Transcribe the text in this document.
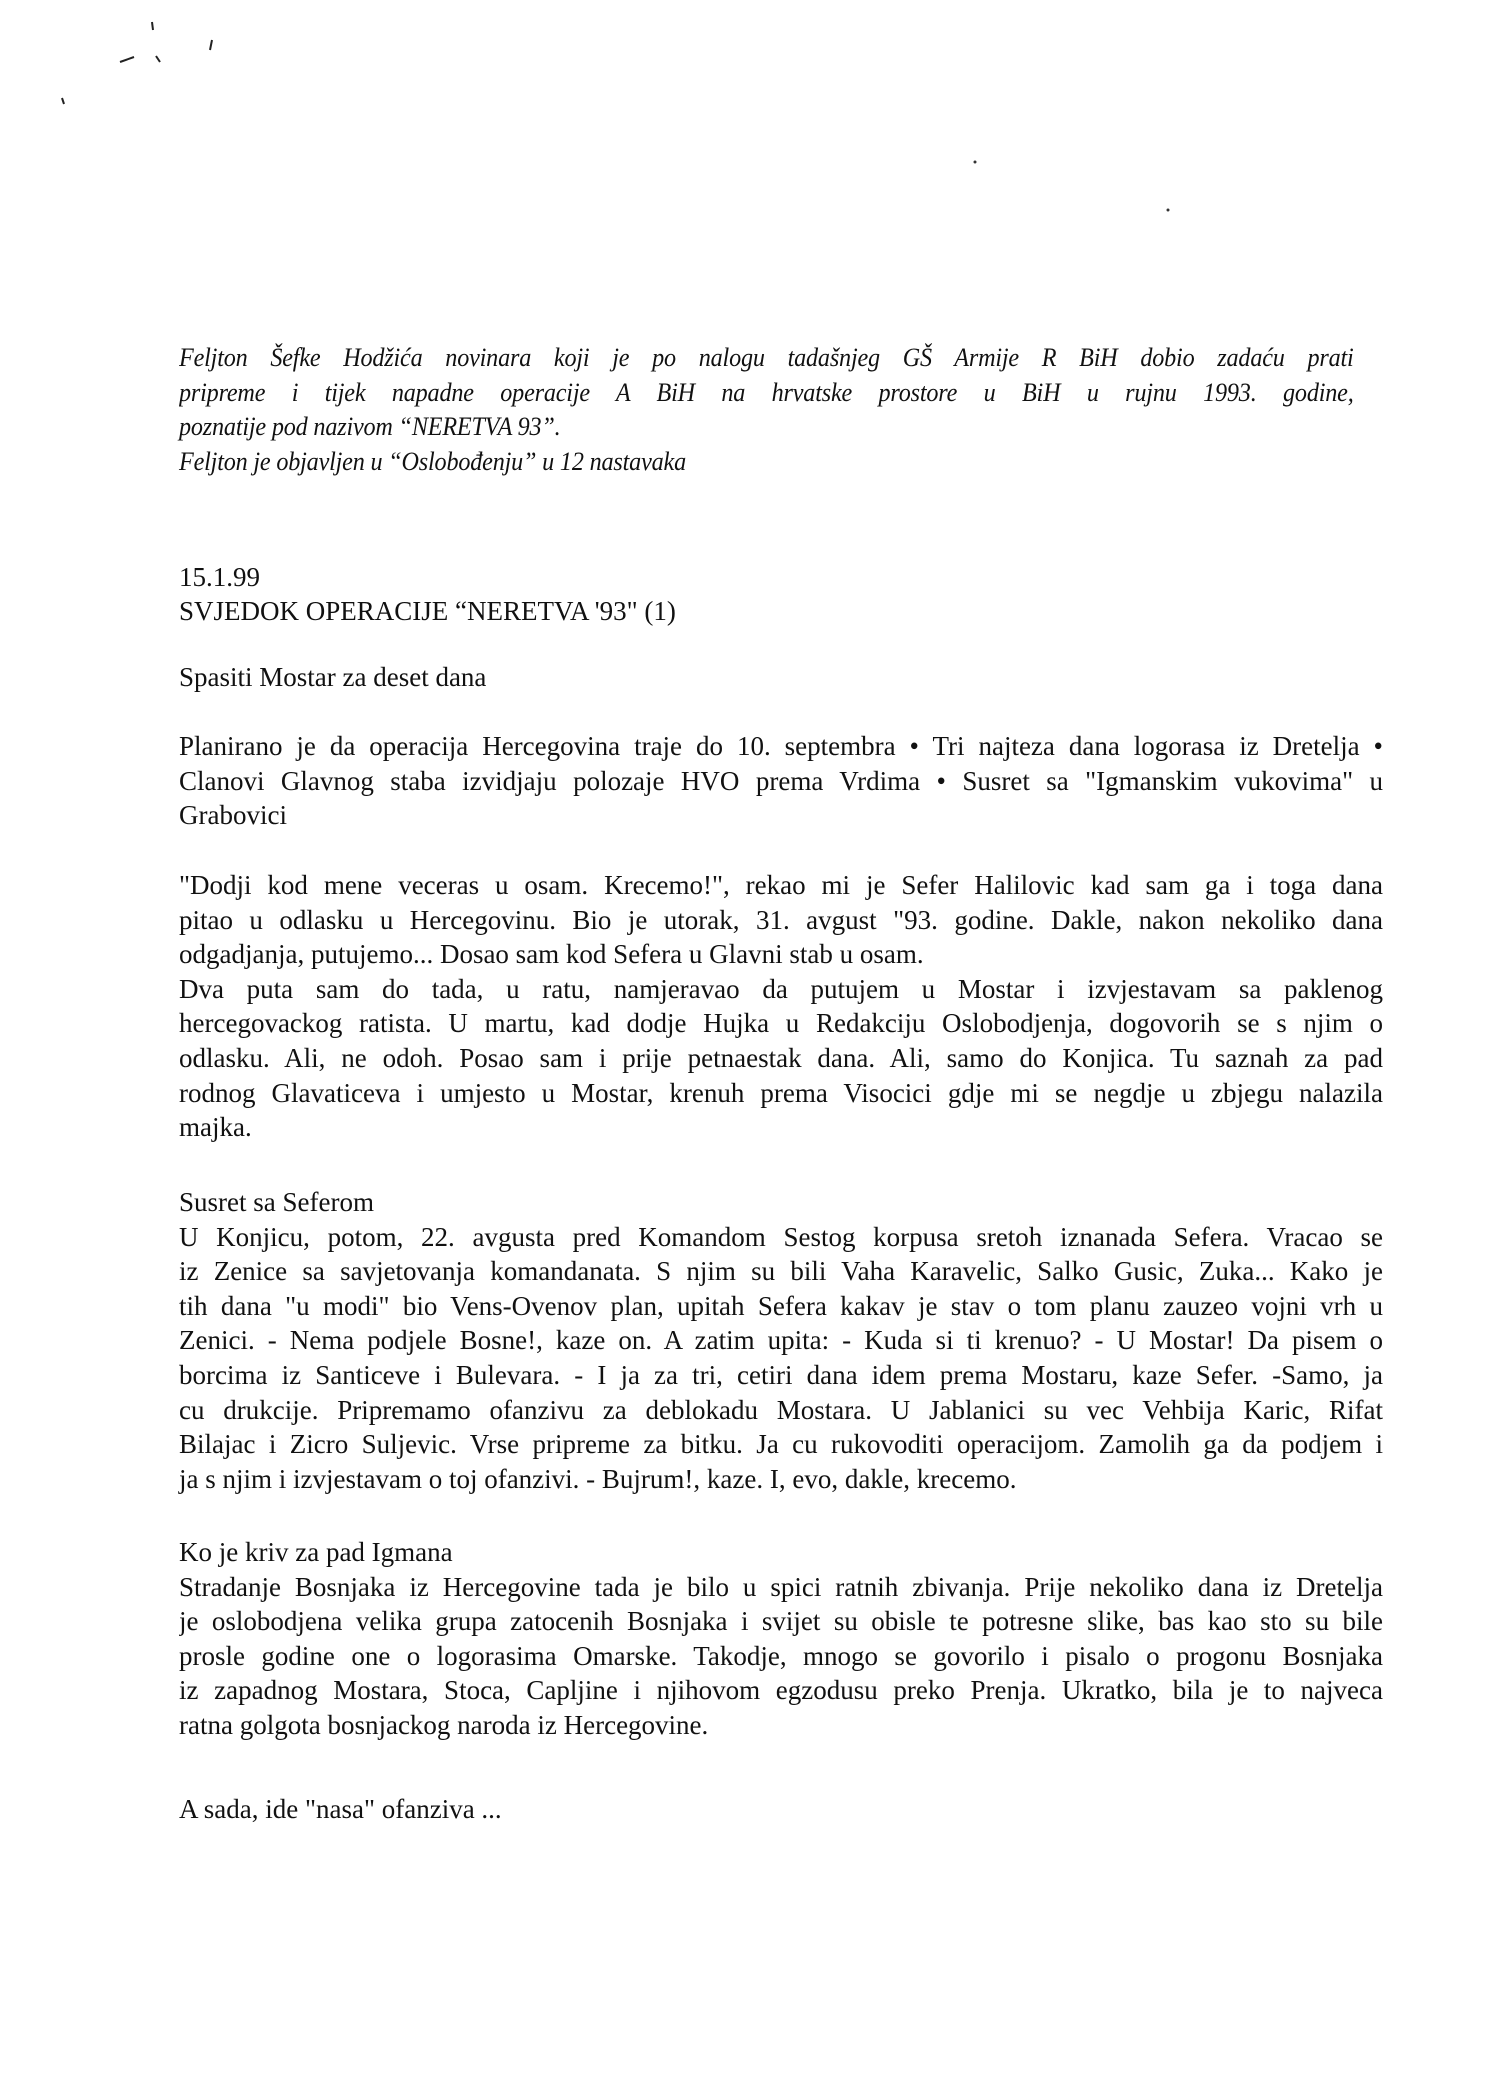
Feljton Šefke Hodžića novinara koji je po nalogu tadašnjeg GŠ Armije R BiH dobio zadaću prati
pripreme i tijek napadne operacije A BiH na hrvatske prostore u BiH u rujnu 1993. godine,
poznatije pod nazivom “NERETVA 93”.
Feljton je objavljen u “Oslobođenju” u 12 nastavaka
15.1.99
SVJEDOK OPERACIJE “NERETVA '93" (1)
Spasiti Mostar za deset dana
Planirano je da operacija Hercegovina traje do 10. septembra • Tri najteza dana logorasa iz Dretelja •
Clanovi Glavnog staba izvidjaju polozaje HVO prema Vrdima • Susret sa "Igmanskim vukovima" u
Grabovici
"Dodji kod mene veceras u osam. Krecemo!", rekao mi je Sefer Halilovic kad sam ga i toga dana
pitao u odlasku u Hercegovinu. Bio je utorak, 31. avgust "93. godine. Dakle, nakon nekoliko dana
odgadjanja, putujemo... Dosao sam kod Sefera u Glavni stab u osam.
Dva puta sam do tada, u ratu, namjeravao da putujem u Mostar i izvjestavam sa paklenog
hercegovackog ratista. U martu, kad dodje Hujka u Redakciju Oslobodjenja, dogovorih se s njim o
odlasku. Ali, ne odoh. Posao sam i prije petnaestak dana. Ali, samo do Konjica. Tu saznah za pad
rodnog Glavaticeva i umjesto u Mostar, krenuh prema Visocici gdje mi se negdje u zbjegu nalazila
majka.
Susret sa Seferom
U Konjicu, potom, 22. avgusta pred Komandom Sestog korpusa sretoh iznanada Sefera. Vracao se
iz Zenice sa savjetovanja komandanata. S njim su bili Vaha Karavelic, Salko Gusic, Zuka... Kako je
tih dana "u modi" bio Vens-Ovenov plan, upitah Sefera kakav je stav o tom planu zauzeo vojni vrh u
Zenici. - Nema podjele Bosne!, kaze on. A zatim upita: - Kuda si ti krenuo? - U Mostar! Da pisem o
borcima iz Santiceve i Bulevara. - I ja za tri, cetiri dana idem prema Mostaru, kaze Sefer. -Samo, ja
cu drukcije. Pripremamo ofanzivu za deblokadu Mostara. U Jablanici su vec Vehbija Karic, Rifat
Bilajac i Zicro Suljevic. Vrse pripreme za bitku. Ja cu rukovoditi operacijom. Zamolih ga da podjem i
ja s njim i izvjestavam o toj ofanzivi. - Bujrum!, kaze. I, evo, dakle, krecemo.
Ko je kriv za pad Igmana
Stradanje Bosnjaka iz Hercegovine tada je bilo u spici ratnih zbivanja. Prije nekoliko dana iz Dretelja
je oslobodjena velika grupa zatocenih Bosnjaka i svijet su obisle te potresne slike, bas kao sto su bile
prosle godine one o logorasima Omarske. Takodje, mnogo se govorilo i pisalo o progonu Bosnjaka
iz zapadnog Mostara, Stoca, Capljine i njihovom egzodusu preko Prenja. Ukratko, bila je to najveca
ratna golgota bosnjackog naroda iz Hercegovine.
A sada, ide "nasa" ofanziva ...
